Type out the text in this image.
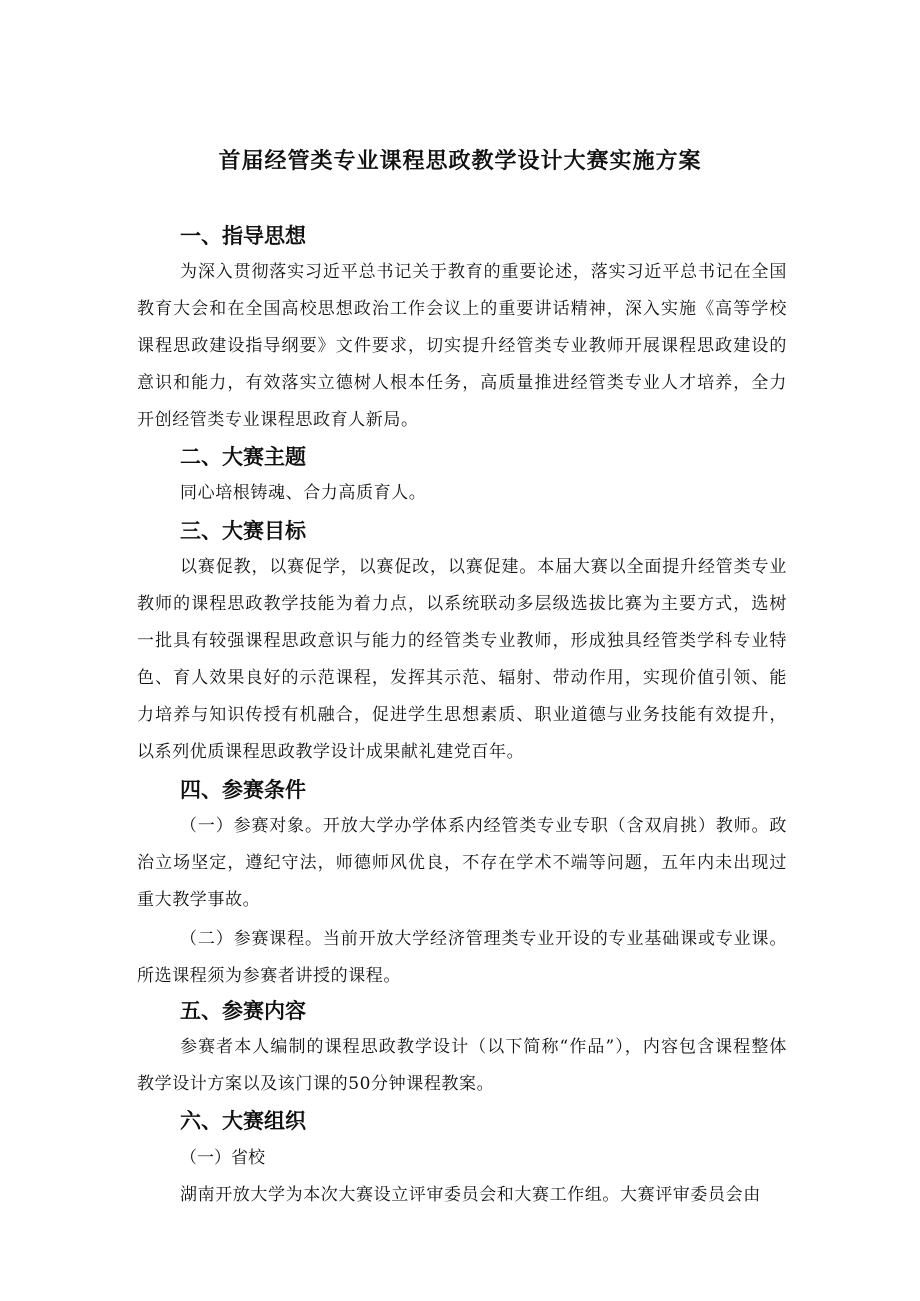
首届经管类专业课程思政教学设计大赛实施方案
一、指导思想
为深入贯彻落实习近平总书记关于教育的重要论述，落实习近平总书记在全国教育大会和在全国高校思想政治工作会议上的重要讲话精神，深入实施《高等学校课程思政建设指导纲要》文件要求，切实提升经管类专业教师开展课程思政建设的意识和能力，有效落实立德树人根本任务，高质量推进经管类专业人才培养，全力开创经管类专业课程思政育人新局。
二、大赛主题
同心培根铸魂、合力高质育人。
三、大赛目标
以赛促教，以赛促学，以赛促改，以赛促建。本届大赛以全面提升经管类专业教师的课程思政教学技能为着力点，以系统联动多层级选拔比赛为主要方式，选树一批具有较强课程思政意识与能力的经管类专业教师，形成独具经管类学科专业特色、育人效果良好的示范课程，发挥其示范、辐射、带动作用，实现价值引领、能力培养与知识传授有机融合，促进学生思想素质、职业道德与业务技能有效提升，以系列优质课程思政教学设计成果献礼建党百年。
四、参赛条件
（一）参赛对象。开放大学办学体系内经管类专业专职（含双肩挑）教师。政治立场坚定，遵纪守法，师德师风优良，不存在学术不端等问题，五年内未出现过重大教学事故。
（二）参赛课程。当前开放大学经济管理类专业开设的专业基础课或专业课。所选课程须为参赛者讲授的课程。
五、参赛内容
参赛者本人编制的课程思政教学设计（以下简称“作品”），内容包含课程整体教学设计方案以及该门课的50分钟课程教案。
六、大赛组织
（一）省校
湖南开放大学为本次大赛设立评审委员会和大赛工作组。大赛评审委员会由
